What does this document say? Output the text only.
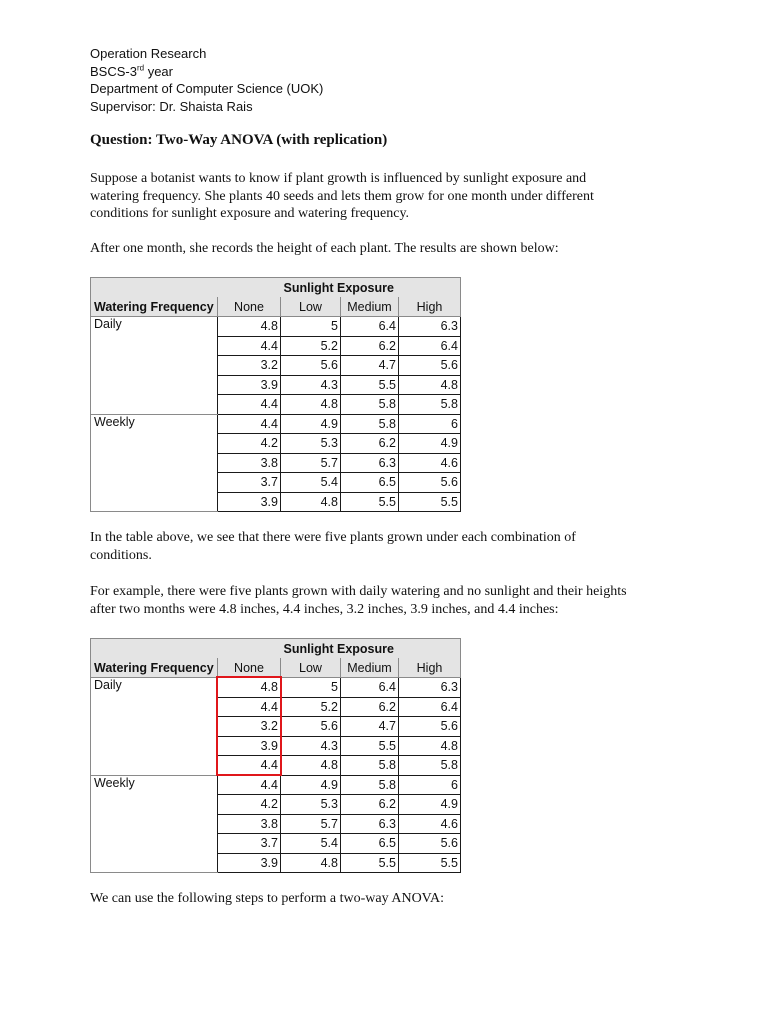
Operation Research
BSCS-3rd year
Department of Computer Science (UOK)
Supervisor: Dr. Shaista Rais
Question: Two-Way ANOVA (with replication)
Suppose a botanist wants to know if plant growth is influenced by sunlight exposure and
watering frequency. She plants 40 seeds and lets them grow for one month under different
conditions for sunlight exposure and watering frequency.
After one month, she records the height of each plant. The results are shown below:
	Sunlight Exposure			
Watering Frequency	None	Low	Medium	High
Daily	4.8	5	6.4	6.3
	4.4	5.2	6.2	6.4
	3.2	5.6	4.7	5.6
	3.9	4.3	5.5	4.8
	4.4	4.8	5.8	5.8
Weekly	4.4	4.9	5.8	6
	4.2	5.3	6.2	4.9
	3.8	5.7	6.3	4.6
	3.7	5.4	6.5	5.6
	3.9	4.8	5.5	5.5
In the table above, we see that there were five plants grown under each combination of
conditions.
For example, there were five plants grown with daily watering and no sunlight and their heights
after two months were 4.8 inches, 4.4 inches, 3.2 inches, 3.9 inches, and 4.4 inches:
	Sunlight Exposure			
Watering Frequency	None	Low	Medium	High
Daily	4.8	5	6.4	6.3
	4.4	5.2	6.2	6.4
	3.2	5.6	4.7	5.6
	3.9	4.3	5.5	4.8
	4.4	4.8	5.8	5.8
Weekly	4.4	4.9	5.8	6
	4.2	5.3	6.2	4.9
	3.8	5.7	6.3	4.6
	3.7	5.4	6.5	5.6
	3.9	4.8	5.5	5.5
We can use the following steps to perform a two-way ANOVA:
